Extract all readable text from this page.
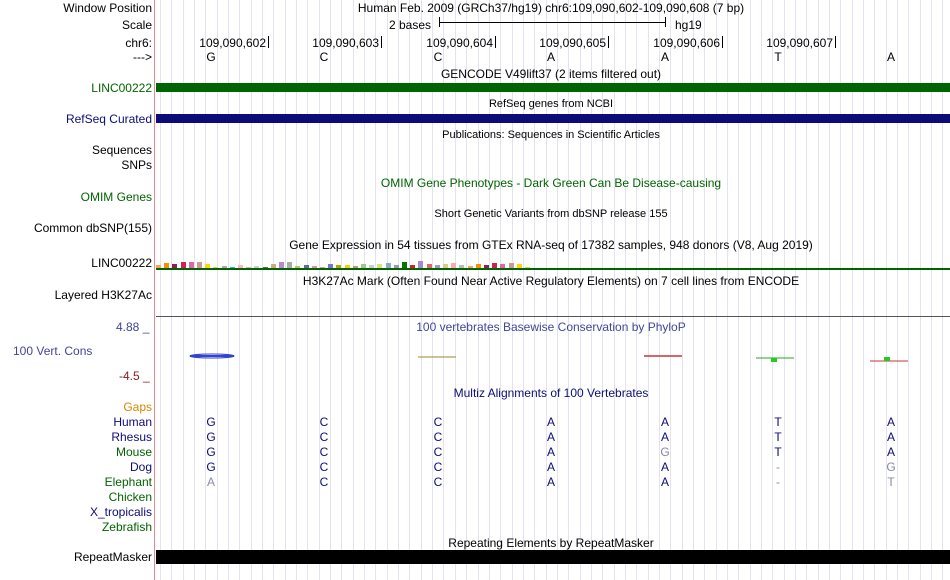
Window Position	Human Feb. 2009 (GRCh37/hg19) chr6:109,090,602-109,090,608 (7 bp)
Scale	2 bases	hg19
chr6:	109,090,602	109,090,603	109,090,604	109,090,605	109,090,606	109,090,607
--->	G	C	C	A	A	T	A
GENCODE V49lift37 (2 items filtered out)
LINC00222
RefSeq genes from NCBI
RefSeq Curated
Publications: Sequences in Scientific Articles
Sequences
SNPs
OMIM Gene Phenotypes - Dark Green Can Be Disease-causing
OMIM Genes
Short Genetic Variants from dbSNP release 155
Common dbSNP(155)
Gene Expression in 54 tissues from GTEx RNA-seq of 17382 samples, 948 donors (V8, Aug 2019)
LINC00222
H3K27Ac Mark (Often Found Near Active Regulatory Elements) on 7 cell lines from ENCODE
Layered H3K27Ac
100 vertebrates Basewise Conservation by PhyloP
4.88 _
100 Vert. Cons
-4.5 _
Multiz Alignments of 100 Vertebrates
Gaps
Human	G	C	C	A	A	T	A
Rhesus	G	C	C	A	A	T	A
Mouse	G	C	C	A	G	T	A
Dog	G	C	C	A	A	-	G
Elephant	A	C	C	A	A	-	T
Chicken
X_tropicalis
Zebrafish
Repeating Elements by RepeatMasker
RepeatMasker
